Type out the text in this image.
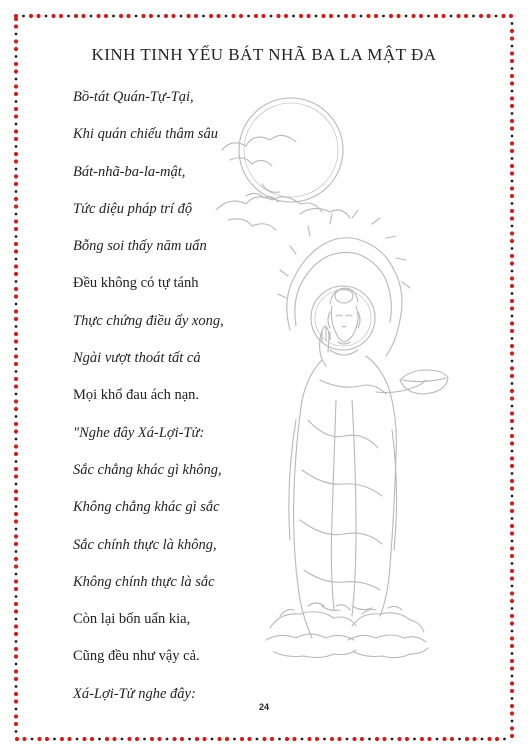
KINH TINH YẾU BÁT NHÃ BA LA MẬT ĐA
Bồ-tát Quán-Tự-Tại,
Khi quán chiếu thâm sâu
Bát-nhã-ba-la-mật,
Tức diệu pháp trí độ
Bỗng soi thấy năm uẩn
Đều không có tự tánh
Thực chứng điều ấy xong,
Ngài vượt thoát tất cả
Mọi khổ đau ách nạn.
"Nghe đây Xá-Lợi-Tử:
Sắc chẳng khác gì không,
Không chẳng khác gì sắc
Sắc chính thực là không,
Không chính thực là sắc
Còn lại bốn uẩn kia,
Cũng đều như vậy cả.
Xá-Lợi-Tử nghe đây:
24
